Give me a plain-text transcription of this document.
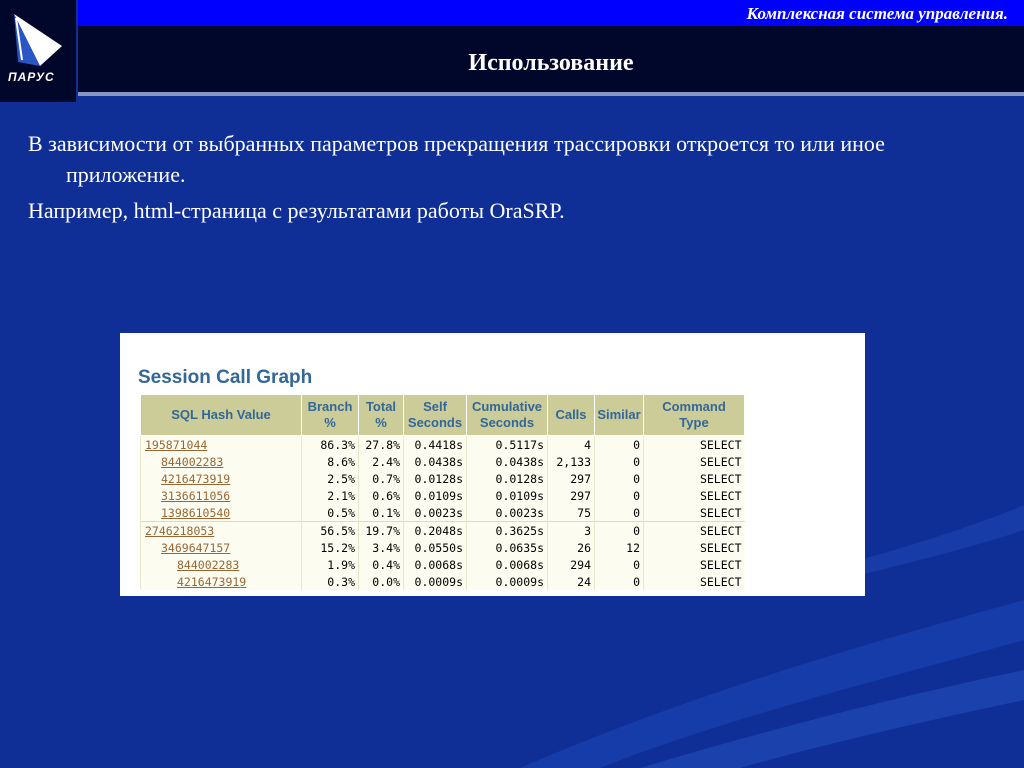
ПАРУС
Комплексная система управления.
Использование

В зависимости от выбранных параметров прекращения трассировки откроется то или иное приложение.

Например, html-страница с результатами работы OraSRP.

Session Call Graph
SQL Hash Value	Branch %	Total %	Self Seconds	Cumulative Seconds	Calls	Similar	Command Type
195871044	86.3%	27.8%	0.4418s	0.5117s	4	0	SELECT
844002283	8.6%	2.4%	0.0438s	0.0438s	2,133	0	SELECT
4216473919	2.5%	0.7%	0.0128s	0.0128s	297	0	SELECT
3136611056	2.1%	0.6%	0.0109s	0.0109s	297	0	SELECT
1398610540	0.5%	0.1%	0.0023s	0.0023s	75	0	SELECT
2746218053	56.5%	19.7%	0.2048s	0.3625s	3	0	SELECT
3469647157	15.2%	3.4%	0.0550s	0.0635s	26	12	SELECT
844002283	1.9%	0.4%	0.0068s	0.0068s	294	0	SELECT
4216473919	0.3%	0.0%	0.0009s	0.0009s	24	0	SELECT
